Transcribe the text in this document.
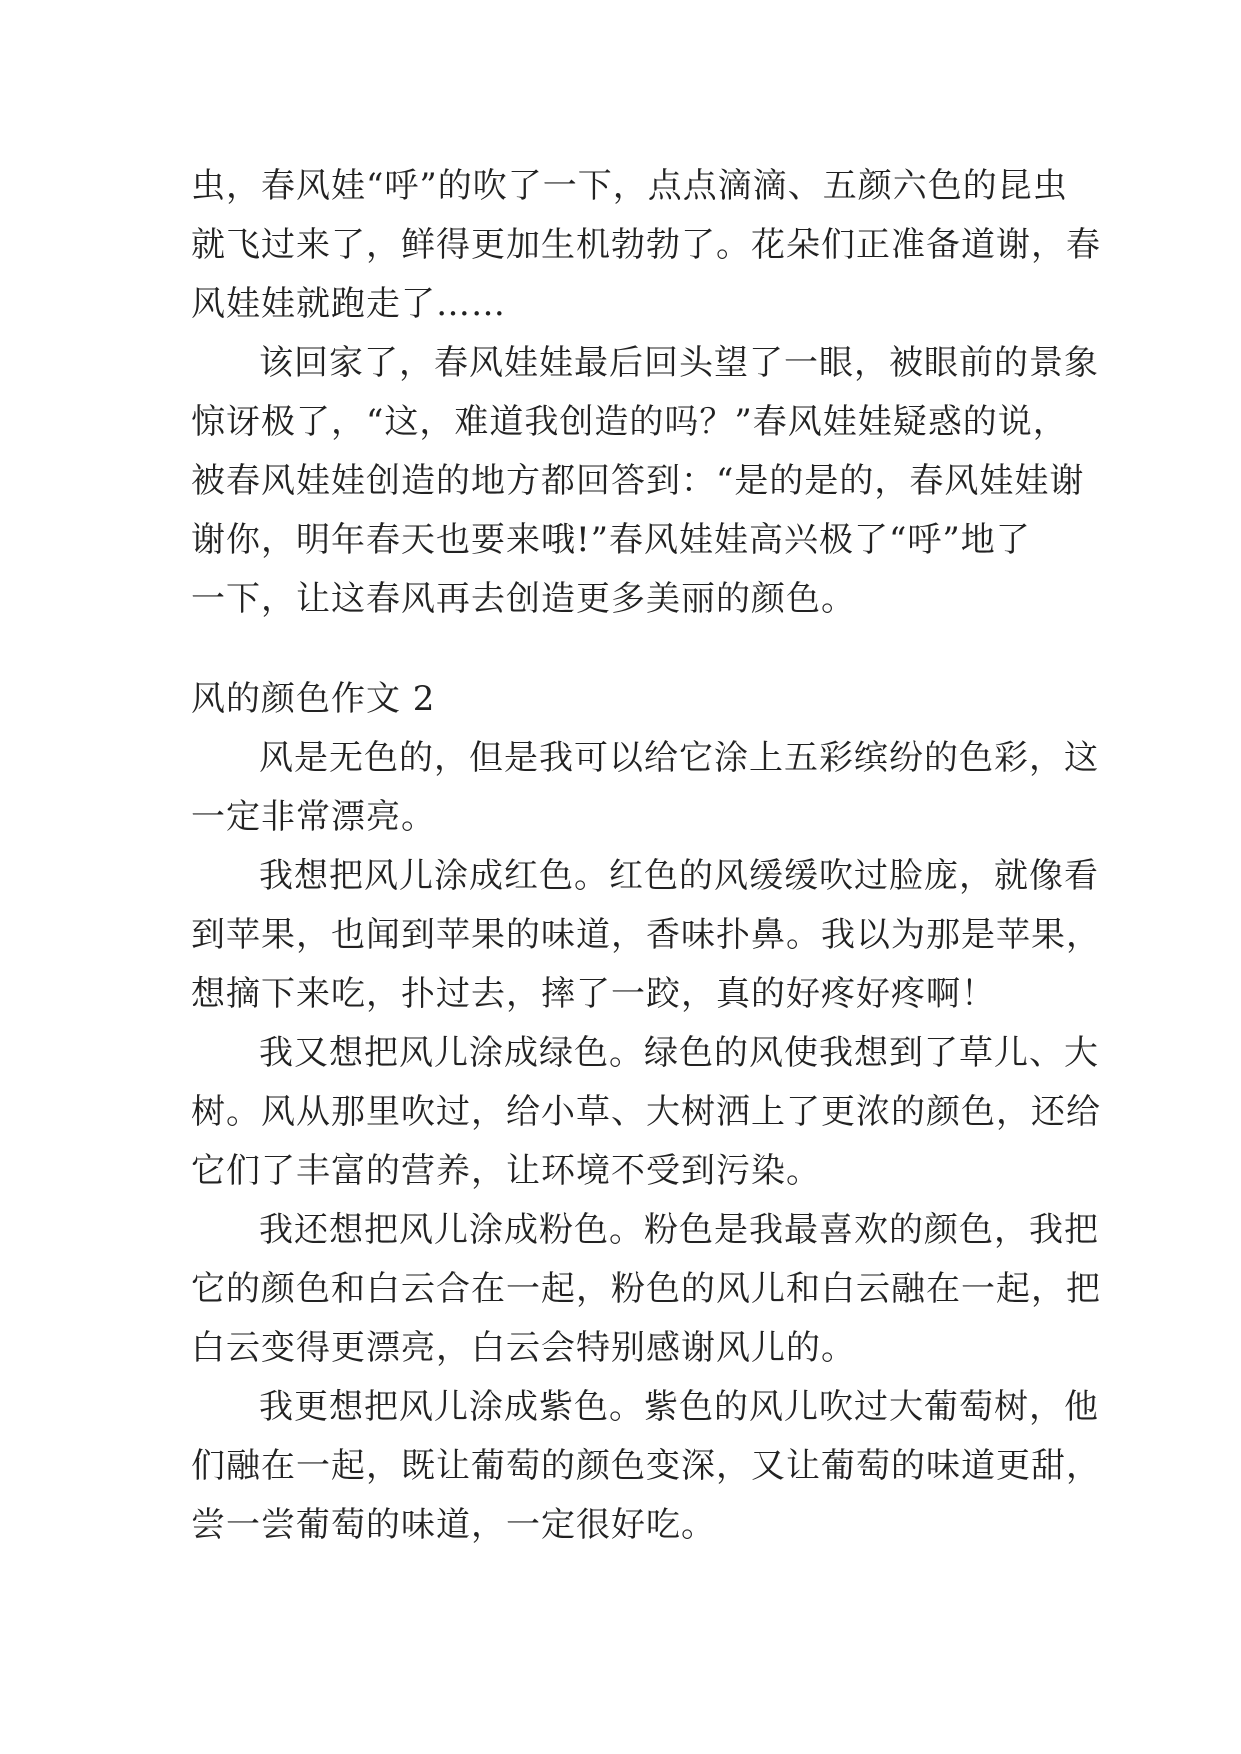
虫，春风娃“呼”的吹了一下，点点滴滴、五颜六色的昆虫
就飞过来了，鲜得更加生机勃勃了。花朵们正准备道谢，春
风娃娃就跑走了……
该回家了，春风娃娃最后回头望了一眼，被眼前的景象
惊讶极了，“这，难道我创造的吗？”春风娃娃疑惑的说，
被春风娃娃创造的地方都回答到：“是的是的，春风娃娃谢
谢你，明年春天也要来哦!”春风娃娃高兴极了“呼”地了
一下，让这春风再去创造更多美丽的颜色。
风的颜色作文 2
风是无色的，但是我可以给它涂上五彩缤纷的色彩，这
一定非常漂亮。
我想把风儿涂成红色。红色的风缓缓吹过脸庞，就像看
到苹果，也闻到苹果的味道，香味扑鼻。我以为那是苹果，
想摘下来吃，扑过去，摔了一跤，真的好疼好疼啊！
我又想把风儿涂成绿色。绿色的风使我想到了草儿、大
树。风从那里吹过，给小草、大树洒上了更浓的颜色，还给
它们了丰富的营养，让环境不受到污染。
我还想把风儿涂成粉色。粉色是我最喜欢的颜色，我把
它的颜色和白云合在一起，粉色的风儿和白云融在一起，把
白云变得更漂亮，白云会特别感谢风儿的。
我更想把风儿涂成紫色。紫色的风儿吹过大葡萄树，他
们融在一起，既让葡萄的颜色变深，又让葡萄的味道更甜，
尝一尝葡萄的味道，一定很好吃。
